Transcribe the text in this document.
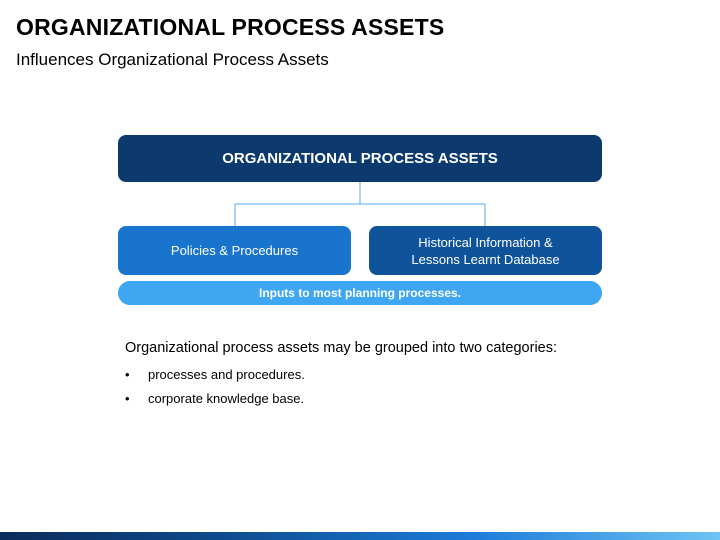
ORGANIZATIONAL PROCESS ASSETS
Influences Organizational Process Assets
ORGANIZATIONAL PROCESS ASSETS
Policies & Procedures
Historical Information &
Lessons Learnt Database
Inputs to most planning processes.
Organizational process assets may be grouped into two categories:
•	processes and procedures.
•	corporate knowledge base.
